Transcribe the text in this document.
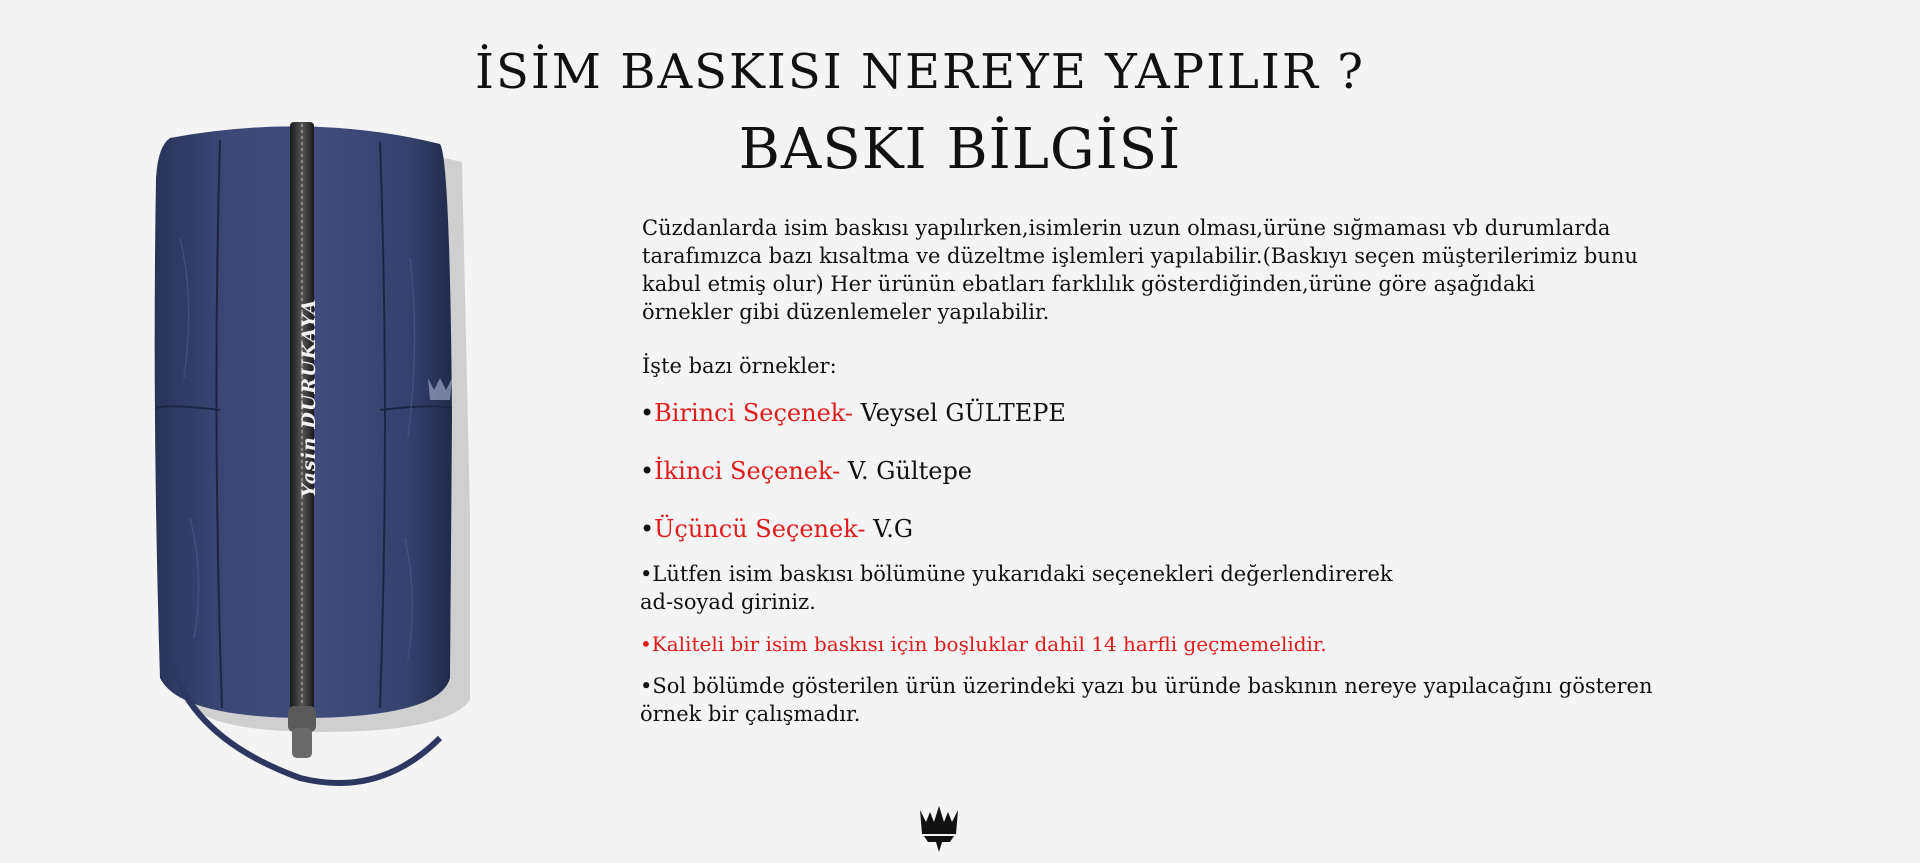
İSİM BASKISI NEREYE YAPILIR ?
BASKI BİLGİSİ
Yasin DURUKAYA
Cüzdanlarda isim baskısı yapılırken,isimlerin uzun olması,ürüne sığmaması vb durumlarda
tarafımızca bazı kısaltma ve düzeltme işlemleri yapılabilir.(Baskıyı seçen müşterilerimiz bunu
kabul etmiş olur) Her ürünün ebatları farklılık gösterdiğinden,ürüne göre aşağıdaki
örnekler gibi düzenlemeler yapılabilir.
İşte bazı örnekler:
•Birinci Seçenek- Veysel GÜLTEPE
•İkinci Seçenek- V. Gültepe
•Üçüncü Seçenek- V.G
•Lütfen isim baskısı bölümüne yukarıdaki seçenekleri değerlendirerek
ad-soyad giriniz.
•Kaliteli bir isim baskısı için boşluklar dahil 14 harfli geçmemelidir.
•Sol bölümde gösterilen ürün üzerindeki yazı bu üründe baskının nereye yapılacağını gösteren
örnek bir çalışmadır.
